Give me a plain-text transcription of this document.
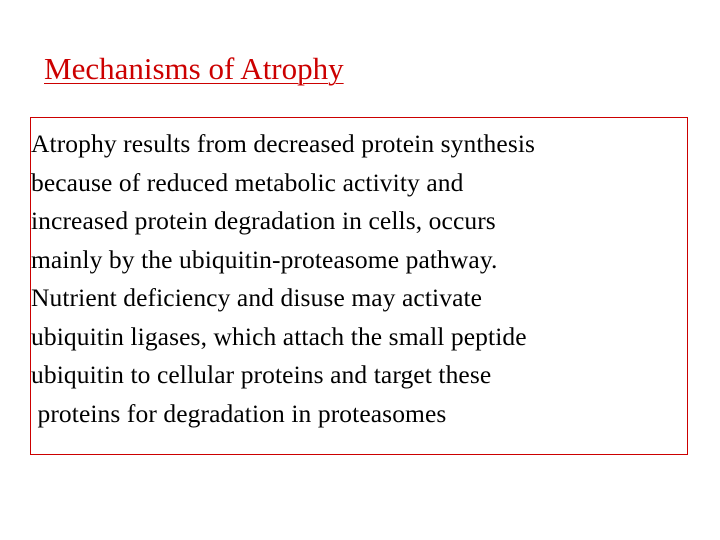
Mechanisms of Atrophy
Atrophy results from decreased protein synthesis
because of reduced metabolic activity and
increased protein degradation in cells, occurs
mainly by the ubiquitin-proteasome pathway.
Nutrient deficiency and disuse may activate
ubiquitin ligases, which attach the small peptide
ubiquitin to cellular proteins and target these
proteins for degradation in proteasomes
